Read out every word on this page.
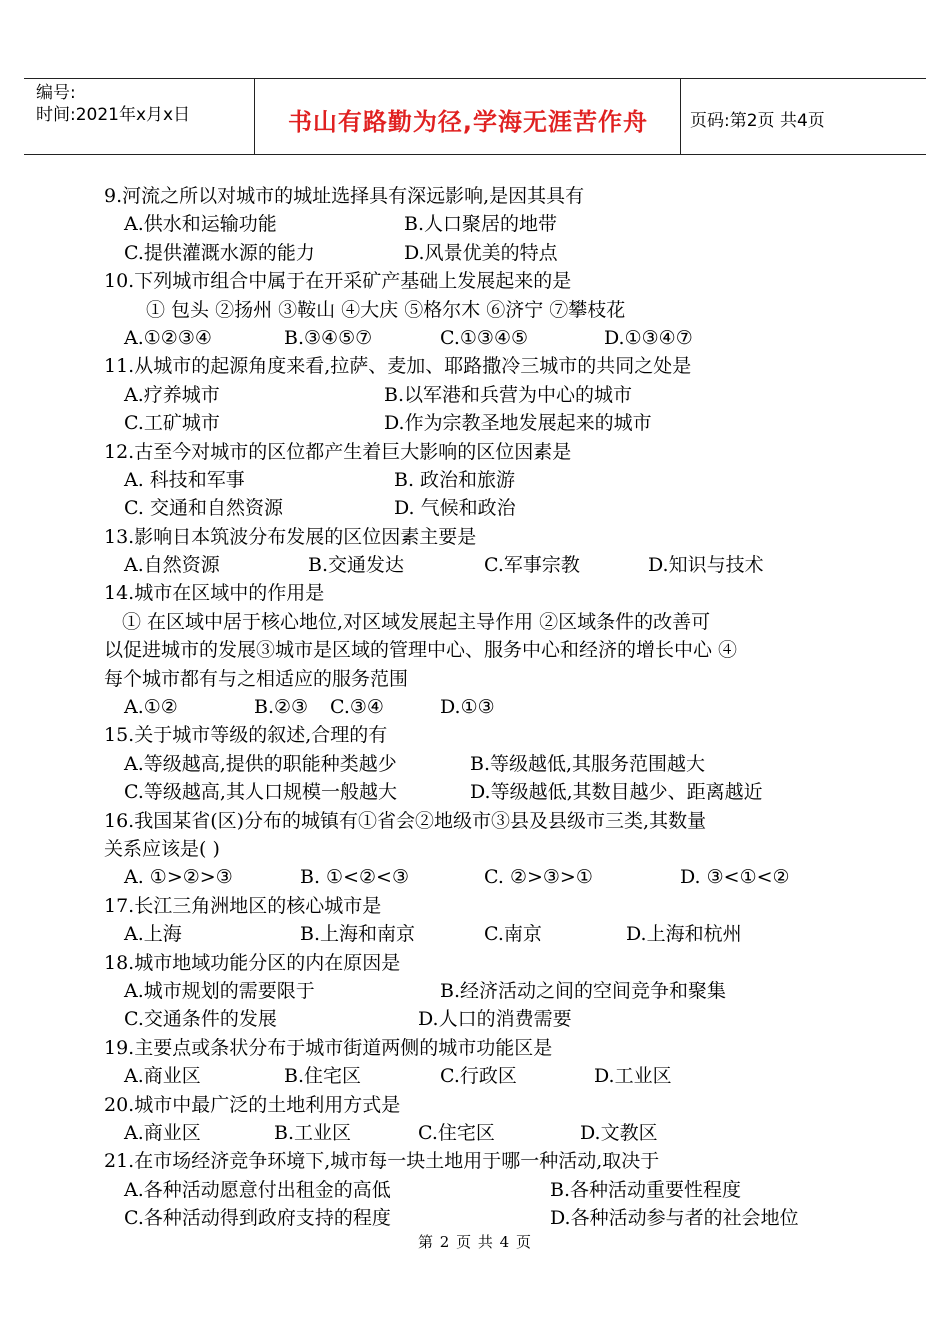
编号:
时间:2021年x月x日	书山有路勤为径,学海无涯苦作舟	页码:第2页 共4页
9.河流之所以对城市的城址选择具有深远影响,是因其具有
A.供水和运输功能	B.人口聚居的地带
C.提供灌溉水源的能力	D.风景优美的特点
10.下列城市组合中属于在开采矿产基础上发展起来的是
① 包头 ②扬州 ③鞍山 ④大庆 ⑤格尔木 ⑥济宁 ⑦攀枝花
A.①②③④	B.③④⑤⑦	C.①③④⑤	D.①③④⑦
11.从城市的起源角度来看,拉萨、麦加、耶路撒冷三城市的共同之处是
A.疗养城市	B.以军港和兵营为中心的城市
C.工矿城市	D.作为宗教圣地发展起来的城市
12.古至今对城市的区位都产生着巨大影响的区位因素是
A. 科技和军事	B. 政治和旅游
C. 交通和自然资源	D. 气候和政治
13.影响日本筑波分布发展的区位因素主要是
A.自然资源	B.交通发达	C.军事宗教	D.知识与技术
14.城市在区域中的作用是
① 在区域中居于核心地位,对区域发展起主导作用 ②区域条件的改善可
以促进城市的发展③城市是区域的管理中心、服务中心和经济的增长中心 ④
每个城市都有与之相适应的服务范围
A.①②	B.②③ C.③④	D.①③
15.关于城市等级的叙述,合理的有
A.等级越高,提供的职能种类越少	B.等级越低,其服务范围越大
C.等级越高,其人口规模一般越大	D.等级越低,其数目越少、距离越近
16.我国某省(区)分布的城镇有①省会②地级市③县及县级市三类,其数量
关系应该是( )
A. ①>②>③	B. ①<②<③	C. ②>③>①	D. ③<①<②
17.长江三角洲地区的核心城市是
A.上海	B.上海和南京	C.南京	D.上海和杭州
18.城市地域功能分区的内在原因是
A.城市规划的需要限于	B.经济活动之间的空间竞争和聚集
C.交通条件的发展	D.人口的消费需要
19.主要点或条状分布于城市街道两侧的城市功能区是
A.商业区	B.住宅区	C.行政区	D.工业区
20.城市中最广泛的土地利用方式是
A.商业区	B.工业区	C.住宅区	D.文教区
21.在市场经济竞争环境下,城市每一块土地用于哪一种活动,取决于
A.各种活动愿意付出租金的高低	B.各种活动重要性程度
C.各种活动得到政府支持的程度	D.各种活动参与者的社会地位
第 2 页 共 4 页
